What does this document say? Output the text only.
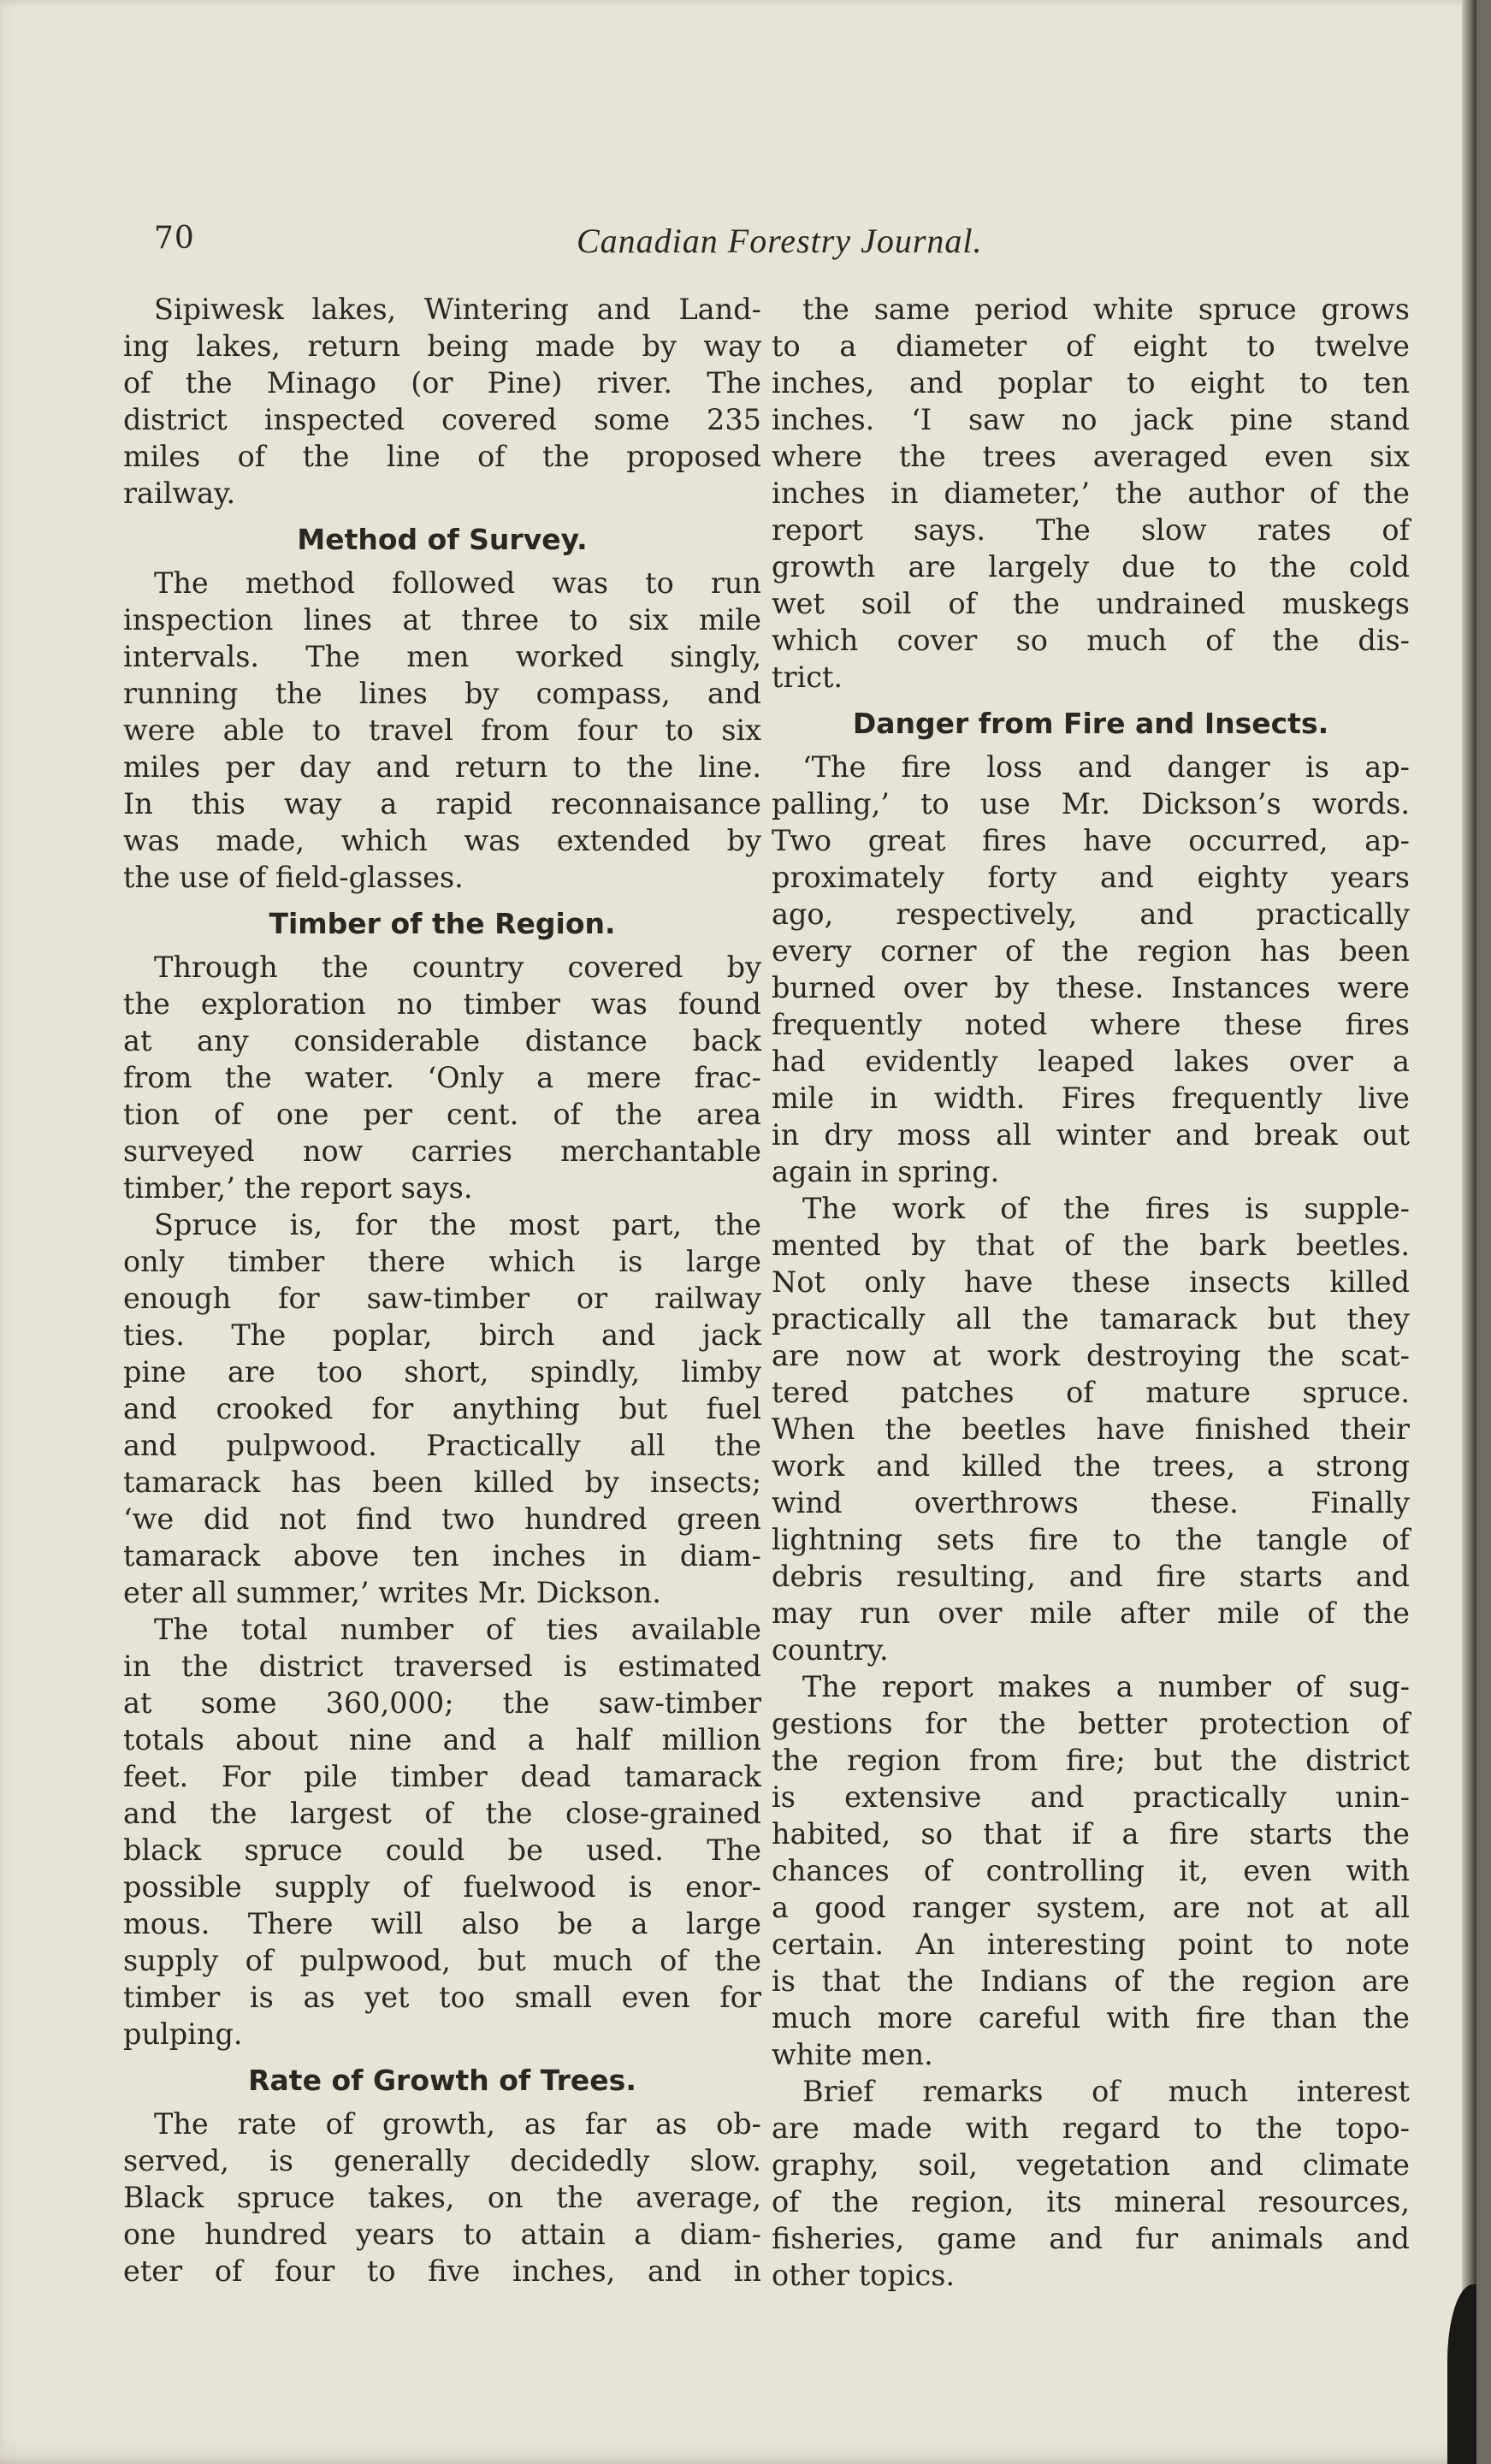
70	Canadian Forestry Journal.
Sipiwesk lakes, Wintering and Land-
ing lakes, return being made by way
of the Minago (or Pine) river. The
district inspected covered some 235
miles of the line of the proposed
railway.
Method of Survey.
The method followed was to run
inspection lines at three to six mile
intervals. The men worked singly,
running the lines by compass, and
were able to travel from four to six
miles per day and return to the line.
In this way a rapid reconnaisance
was made, which was extended by
the use of field-glasses.
Timber of the Region.
Through the country covered by
the exploration no timber was found
at any considerable distance back
from the water. ‘Only a mere frac-
tion of one per cent. of the area
surveyed now carries merchantable
timber,’ the report says.
Spruce is, for the most part, the
only timber there which is large
enough for saw-timber or railway
ties. The poplar, birch and jack
pine are too short, spindly, limby
and crooked for anything but fuel
and pulpwood. Practically all the
tamarack has been killed by insects;
‘we did not find two hundred green
tamarack above ten inches in diam-
eter all summer,’ writes Mr. Dickson.
The total number of ties available
in the district traversed is estimated
at some 360,000; the saw-timber
totals about nine and a half million
feet. For pile timber dead tamarack
and the largest of the close-grained
black spruce could be used. The
possible supply of fuelwood is enor-
mous. There will also be a large
supply of pulpwood, but much of the
timber is as yet too small even for
pulping.
Rate of Growth of Trees.
The rate of growth, as far as ob-
served, is generally decidedly slow.
Black spruce takes, on the average,
one hundred years to attain a diam-
eter of four to five inches, and in
the same period white spruce grows
to a diameter of eight to twelve
inches, and poplar to eight to ten
inches. ‘I saw no jack pine stand
where the trees averaged even six
inches in diameter,’ the author of the
report says. The slow rates of
growth are largely due to the cold
wet soil of the undrained muskegs
which cover so much of the dis-
trict.
Danger from Fire and Insects.
‘The fire loss and danger is ap-
palling,’ to use Mr. Dickson’s words.
Two great fires have occurred, ap-
proximately forty and eighty years
ago, respectively, and practically
every corner of the region has been
burned over by these. Instances were
frequently noted where these fires
had evidently leaped lakes over a
mile in width. Fires frequently live
in dry moss all winter and break out
again in spring.
The work of the fires is supple-
mented by that of the bark beetles.
Not only have these insects killed
practically all the tamarack but they
are now at work destroying the scat-
tered patches of mature spruce.
When the beetles have finished their
work and killed the trees, a strong
wind overthrows these. Finally
lightning sets fire to the tangle of
debris resulting, and fire starts and
may run over mile after mile of the
country.
The report makes a number of sug-
gestions for the better protection of
the region from fire; but the district
is extensive and practically unin-
habited, so that if a fire starts the
chances of controlling it, even with
a good ranger system, are not at all
certain. An interesting point to note
is that the Indians of the region are
much more careful with fire than the
white men.
Brief remarks of much interest
are made with regard to the topo-
graphy, soil, vegetation and climate
of the region, its mineral resources,
fisheries, game and fur animals and
other topics.
